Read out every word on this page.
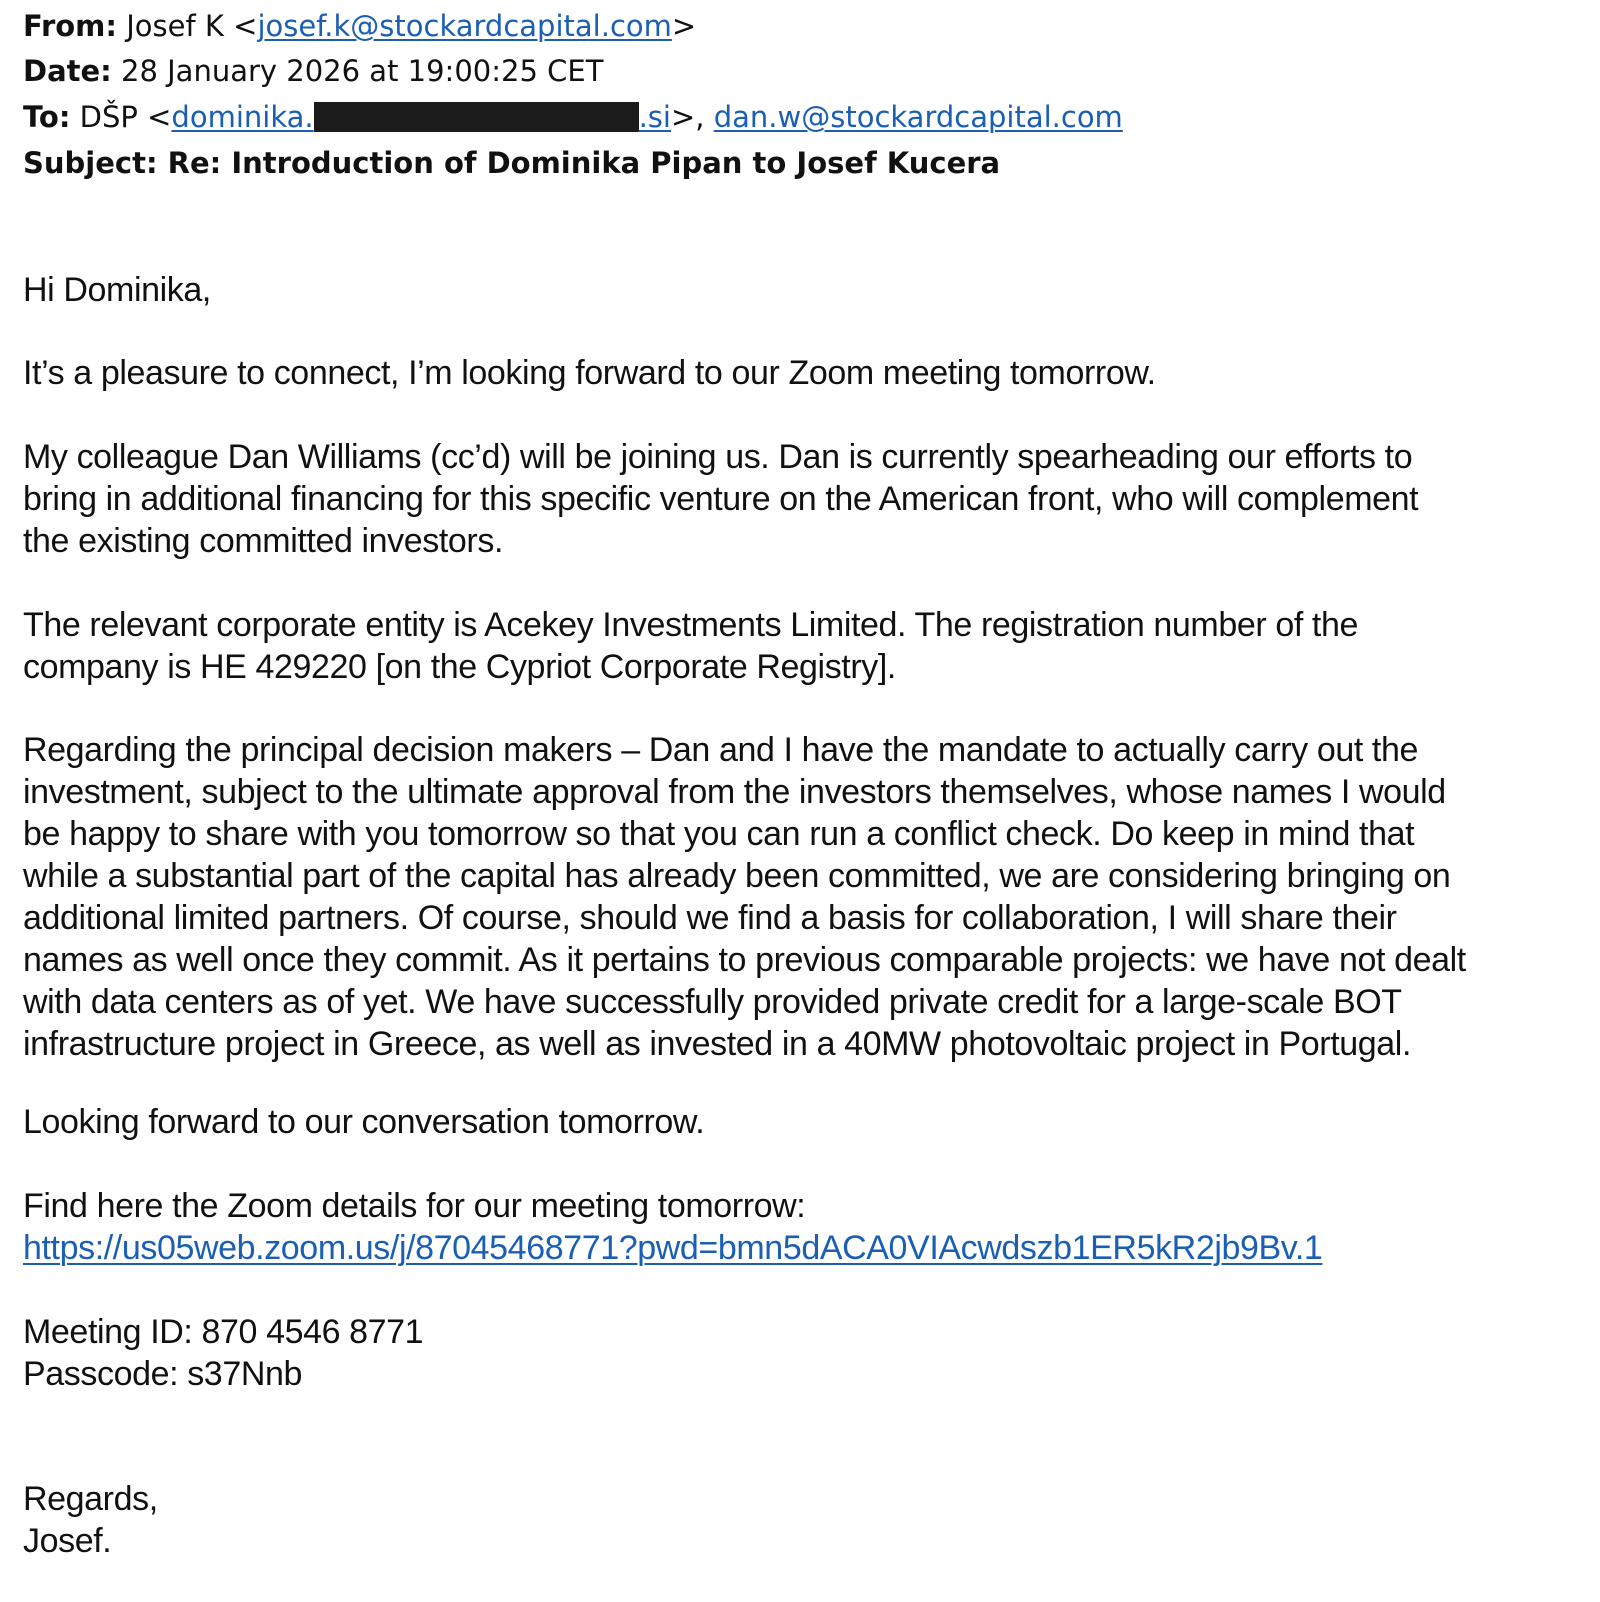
From: Josef K <josef.k@stockardcapital.com>
Date: 28 January 2026 at 19:00:25 CET
To: DŠP <dominika.	.si>, dan.w@stockardcapital.com
Subject: Re: Introduction of Dominika Pipan to Josef Kucera

Hi Dominika,

It’s a pleasure to connect, I’m looking forward to our Zoom meeting tomorrow.

My colleague Dan Williams (cc’d) will be joining us. Dan is currently spearheading our efforts to
bring in additional financing for this specific venture on the American front, who will complement
the existing committed investors.

The relevant corporate entity is Acekey Investments Limited. The registration number of the
company is HE 429220 [on the Cypriot Corporate Registry].

Regarding the principal decision makers – Dan and I have the mandate to actually carry out the
investment, subject to the ultimate approval from the investors themselves, whose names I would
be happy to share with you tomorrow so that you can run a conflict check. Do keep in mind that
while a substantial part of the capital has already been committed, we are considering bringing on
additional limited partners. Of course, should we find a basis for collaboration, I will share their
names as well once they commit. As it pertains to previous comparable projects: we have not dealt
with data centers as of yet. We have successfully provided private credit for a large-scale BOT
infrastructure project in Greece, as well as invested in a 40MW photovoltaic project in Portugal.

Looking forward to our conversation tomorrow.

Find here the Zoom details for our meeting tomorrow:
https://us05web.zoom.us/j/87045468771?pwd=bmn5dACA0VIAcwdszb1ER5kR2jb9Bv.1

Meeting ID: 870 4546 8771
Passcode: s37Nnb

Regards,
Josef.
